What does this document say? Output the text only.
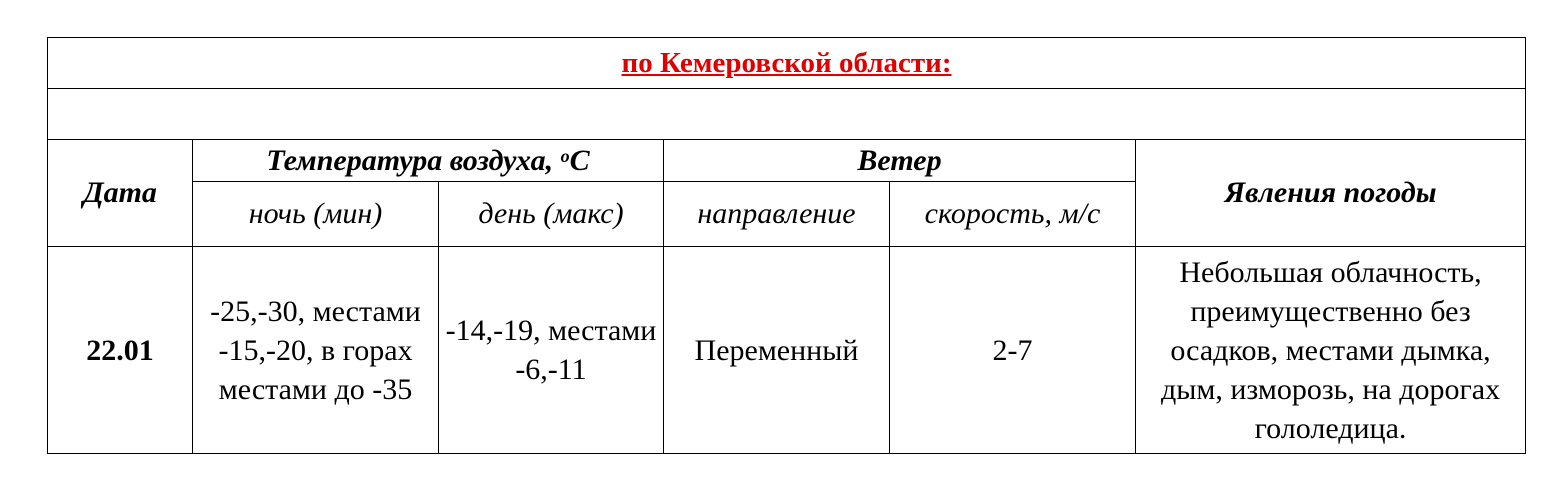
по Кемеровской области:					

Дата	Температура воздуха, $^о$С		Ветер		Явления погоды
	ночь (мин)	день (макс)	направление	скорость, м/с	
22.01	-25,-30, местами -15,-20, в горах местами до -35	-14,-19, местами -6,-11	Переменный	2-7	Небольшая облачность, преимущественно без осадков, местами дымка, дым, изморозь, на дорогах гололедица.
